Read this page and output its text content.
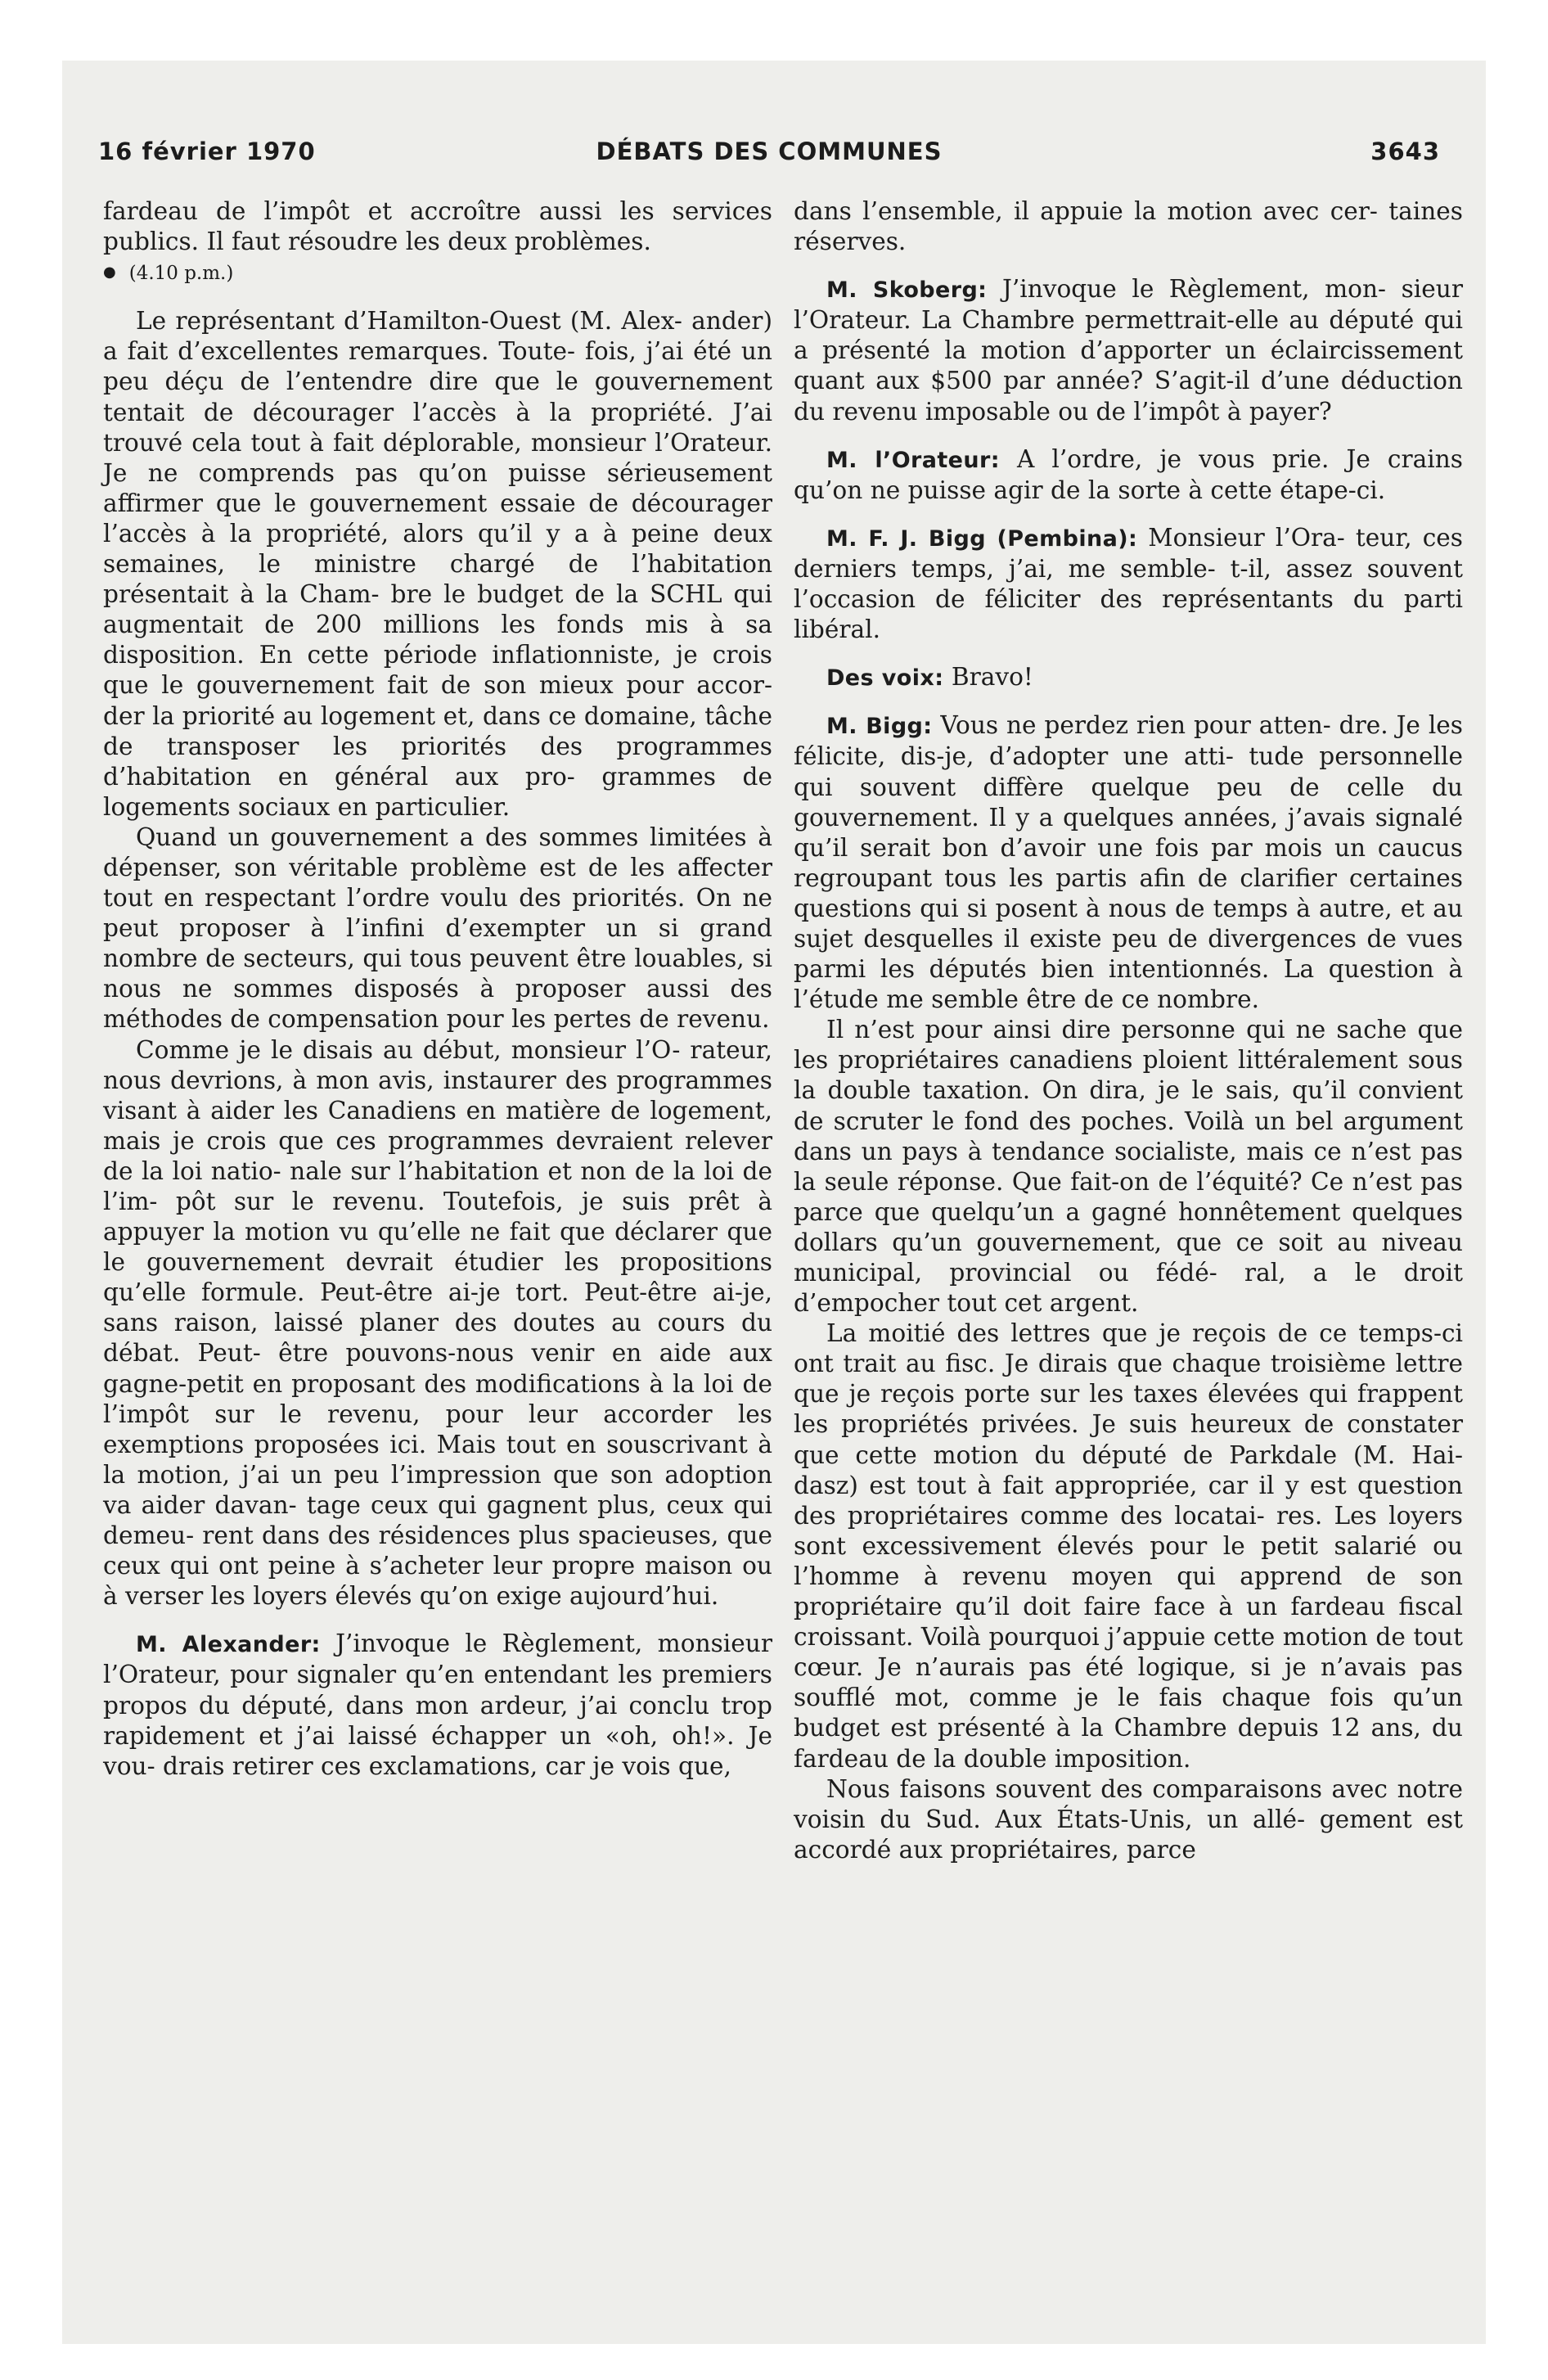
16 février 1970	DÉBATS DES COMMUNES	3643

fardeau de l’impôt et accroître aussi les services publics. Il faut résoudre les deux problèmes.

● (4.10 p.m.)

Le représentant d’Hamilton-Ouest (M. Alex- ander) a fait d’excellentes remarques. Toute- fois, j’ai été un peu déçu de l’entendre dire que le gouvernement tentait de décourager l’accès à la propriété. J’ai trouvé cela tout à fait déplorable, monsieur l’Orateur. Je ne comprends pas qu’on puisse sérieusement affirmer que le gouvernement essaie de décourager l’accès à la propriété, alors qu’il y a à peine deux semaines, le ministre chargé de l’habitation présentait à la Cham- bre le budget de la SCHL qui augmentait de 200 millions les fonds mis à sa disposition. En cette période inflationniste, je crois que le gouvernement fait de son mieux pour accor- der la priorité au logement et, dans ce domaine, tâche de transposer les priorités des programmes d’habitation en général aux pro- grammes de logements sociaux en particulier.

Quand un gouvernement a des sommes limitées à dépenser, son véritable problème est de les affecter tout en respectant l’ordre voulu des priorités. On ne peut proposer à l’infini d’exempter un si grand nombre de secteurs, qui tous peuvent être louables, si nous ne sommes disposés à proposer aussi des méthodes de compensation pour les pertes de revenu.

Comme je le disais au début, monsieur l’O- rateur, nous devrions, à mon avis, instaurer des programmes visant à aider les Canadiens en matière de logement, mais je crois que ces programmes devraient relever de la loi natio- nale sur l’habitation et non de la loi de l’im- pôt sur le revenu. Toutefois, je suis prêt à appuyer la motion vu qu’elle ne fait que déclarer que le gouvernement devrait étudier les propositions qu’elle formule. Peut-être ai-je tort. Peut-être ai-je, sans raison, laissé planer des doutes au cours du débat. Peut- être pouvons-nous venir en aide aux gagne-petit en proposant des modifications à la loi de l’impôt sur le revenu, pour leur accorder les exemptions proposées ici. Mais tout en souscrivant à la motion, j’ai un peu l’impression que son adoption va aider davan- tage ceux qui gagnent plus, ceux qui demeu- rent dans des résidences plus spacieuses, que ceux qui ont peine à s’acheter leur propre maison ou à verser les loyers élevés qu’on exige aujourd’hui.

M. Alexander: J’invoque le Règlement, monsieur l’Orateur, pour signaler qu’en entendant les premiers propos du député, dans mon ardeur, j’ai conclu trop rapidement et j’ai laissé échapper un «oh, oh!». Je vou- drais retirer ces exclamations, car je vois que,

dans l’ensemble, il appuie la motion avec cer- taines réserves.

M. Skoberg: J’invoque le Règlement, mon- sieur l’Orateur. La Chambre permettrait-elle au député qui a présenté la motion d’apporter un éclaircissement quant aux $500 par année? S’agit-il d’une déduction du revenu imposable ou de l’impôt à payer?

M. l’Orateur: A l’ordre, je vous prie. Je crains qu’on ne puisse agir de la sorte à cette étape-ci.

M. F. J. Bigg (Pembina): Monsieur l’Ora- teur, ces derniers temps, j’ai, me semble- t-il, assez souvent l’occasion de féliciter des représentants du parti libéral.

Des voix: Bravo!

M. Bigg: Vous ne perdez rien pour atten- dre. Je les félicite, dis-je, d’adopter une atti- tude personnelle qui souvent diffère quelque peu de celle du gouvernement. Il y a quelques années, j’avais signalé qu’il serait bon d’avoir une fois par mois un caucus regroupant tous les partis afin de clarifier certaines questions qui si posent à nous de temps à autre, et au sujet desquelles il existe peu de divergences de vues parmi les députés bien intentionnés. La question à l’étude me semble être de ce nombre.

Il n’est pour ainsi dire personne qui ne sache que les propriétaires canadiens ploient littéralement sous la double taxation. On dira, je le sais, qu’il convient de scruter le fond des poches. Voilà un bel argument dans un pays à tendance socialiste, mais ce n’est pas la seule réponse. Que fait-on de l’équité? Ce n’est pas parce que quelqu’un a gagné honnêtement quelques dollars qu’un gouvernement, que ce soit au niveau municipal, provincial ou fédé- ral, a le droit d’empocher tout cet argent.

La moitié des lettres que je reçois de ce temps-ci ont trait au fisc. Je dirais que chaque troisième lettre que je reçois porte sur les taxes élevées qui frappent les propriétés privées. Je suis heureux de constater que cette motion du député de Parkdale (M. Hai- dasz) est tout à fait appropriée, car il y est question des propriétaires comme des locatai- res. Les loyers sont excessivement élevés pour le petit salarié ou l’homme à revenu moyen qui apprend de son propriétaire qu’il doit faire face à un fardeau fiscal croissant. Voilà pourquoi j’appuie cette motion de tout cœur. Je n’aurais pas été logique, si je n’avais pas soufflé mot, comme je le fais chaque fois qu’un budget est présenté à la Chambre depuis 12 ans, du fardeau de la double imposition.

Nous faisons souvent des comparaisons avec notre voisin du Sud. Aux États-Unis, un allé- gement est accordé aux propriétaires, parce
